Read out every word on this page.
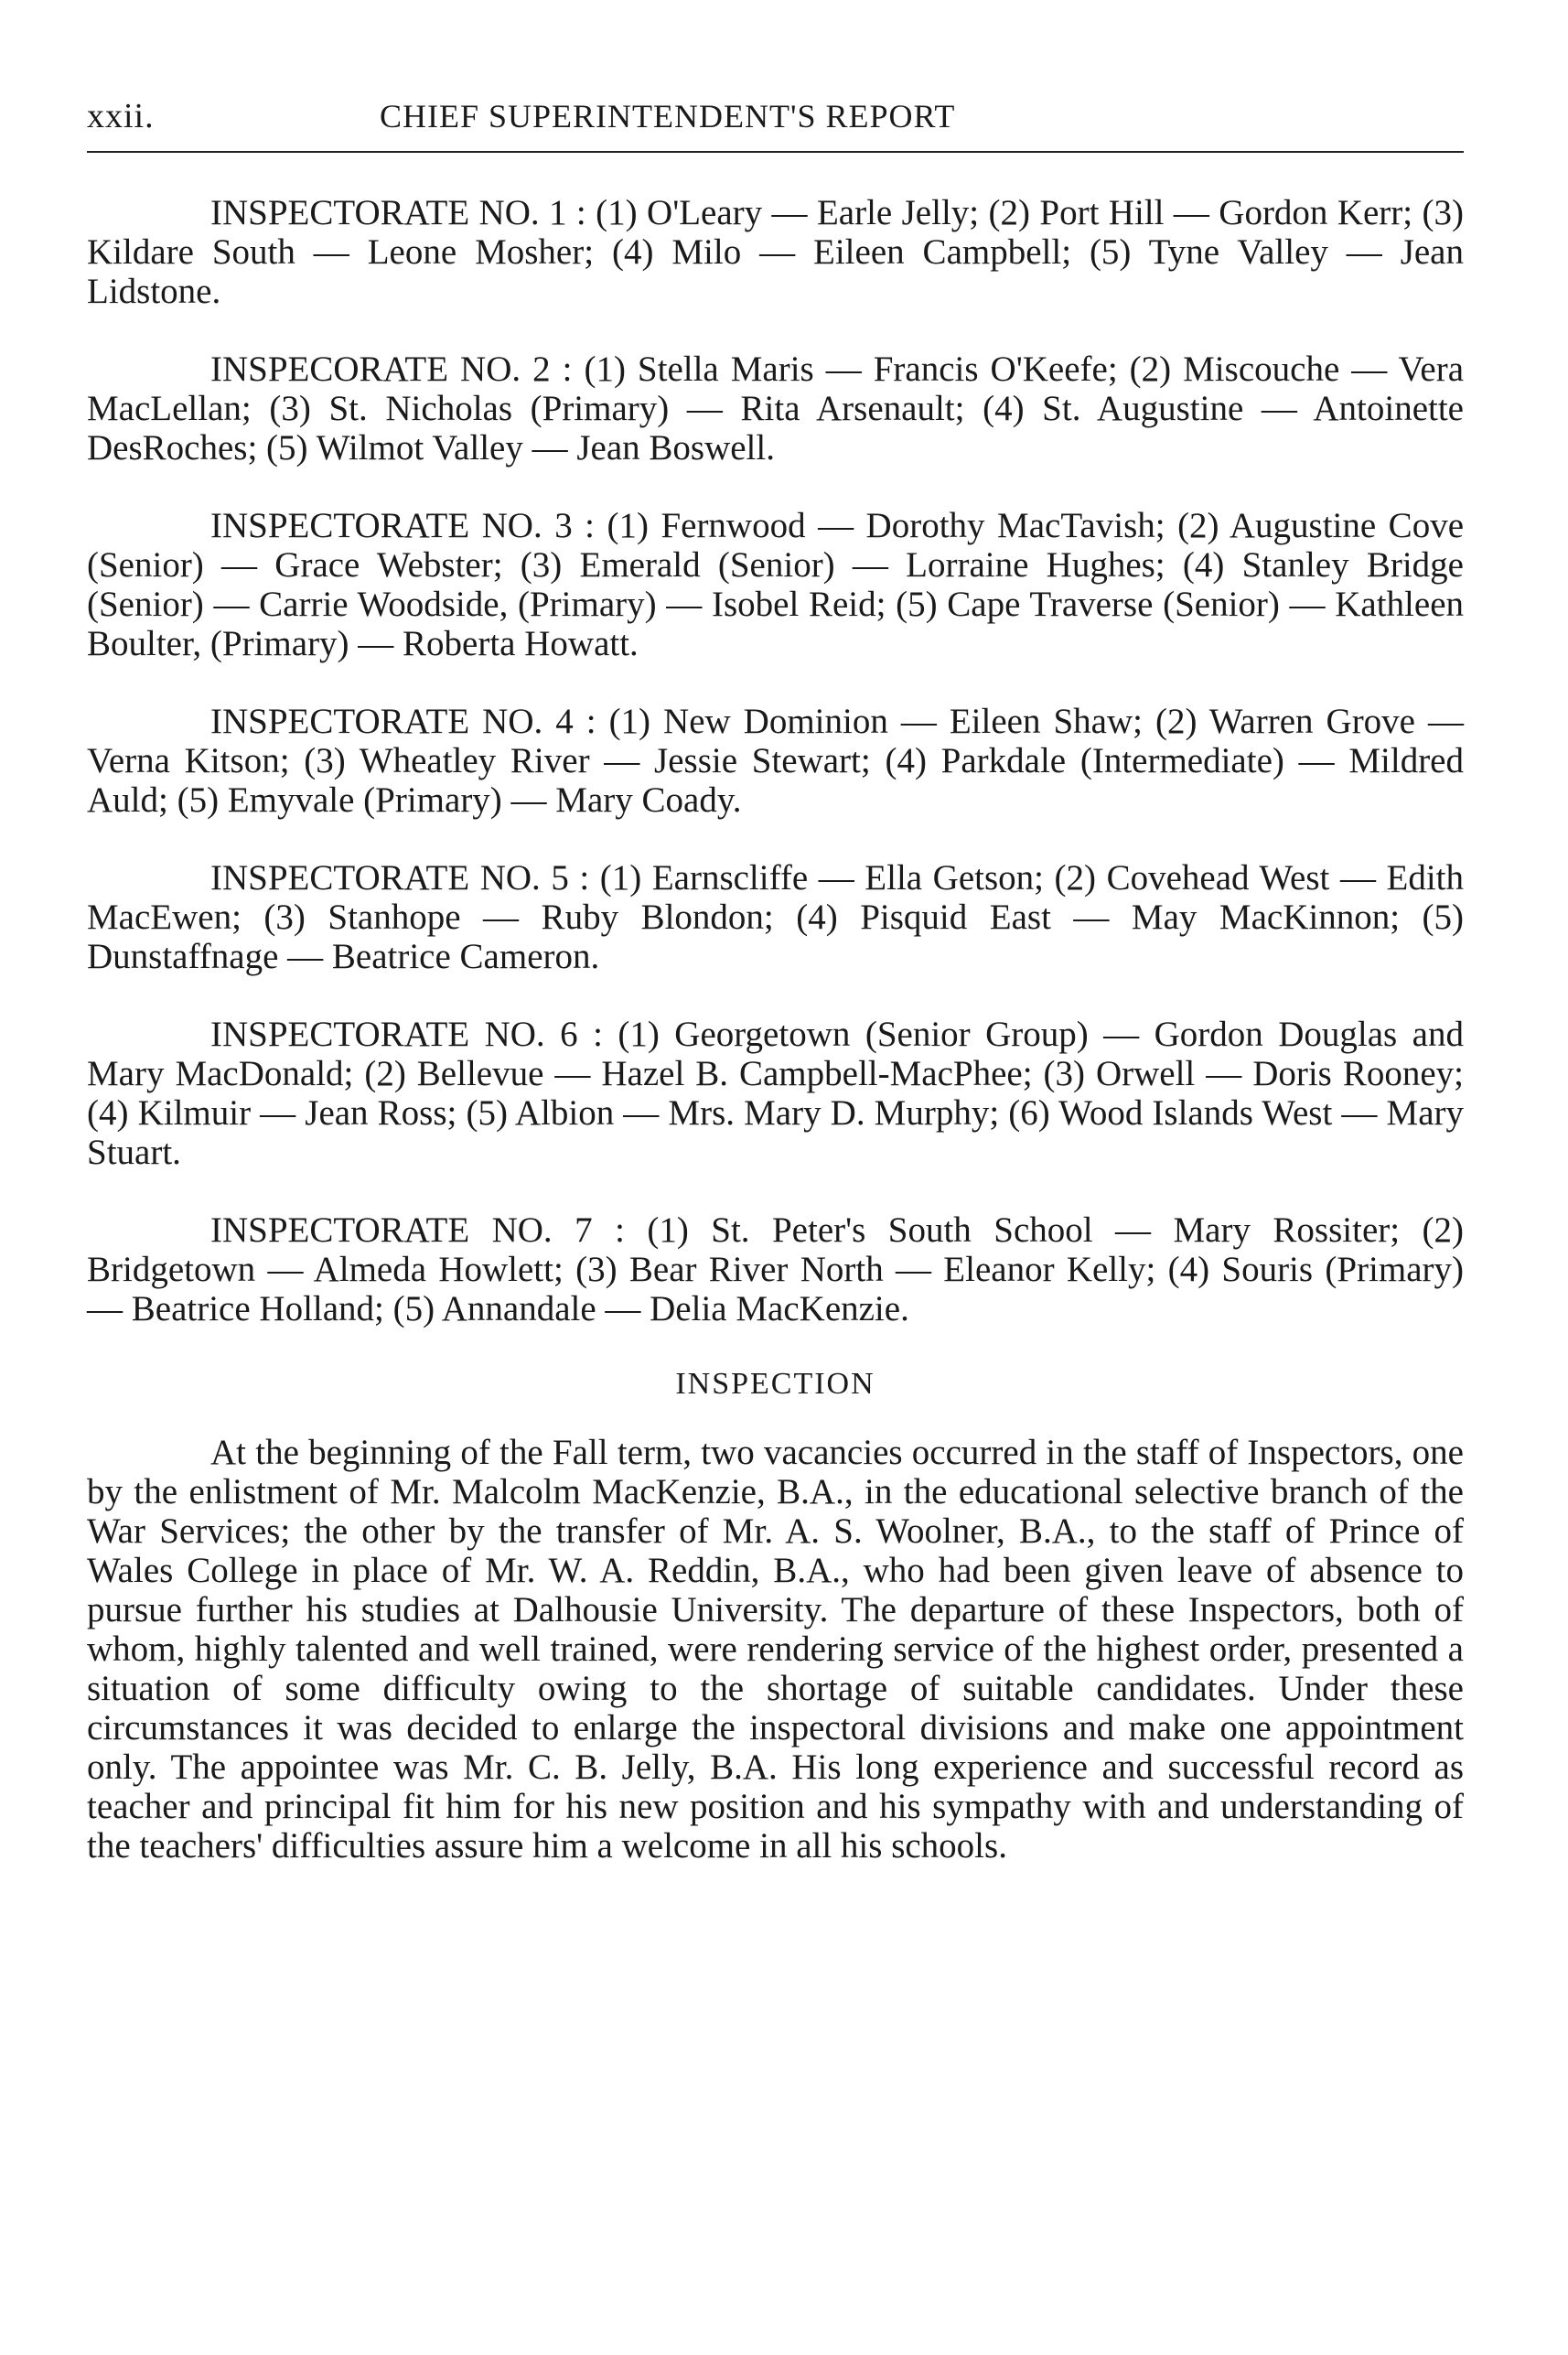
xxii.	CHIEF SUPERINTENDENT'S REPORT

INSPECTORATE NO. 1 : (1) O'Leary — Earle Jelly; (2) Port Hill — Gordon Kerr; (3) Kildare South — Leone Mosher; (4) Milo — Eileen Campbell; (5) Tyne Valley — Jean Lidstone.

INSPECORATE NO. 2 : (1) Stella Maris — Francis O'Keefe; (2) Miscouche — Vera MacLellan; (3) St. Nicholas (Primary) — Rita Arsenault; (4) St. Augustine — Antoinette DesRoches; (5) Wilmot Valley — Jean Boswell.

INSPECTORATE NO. 3 : (1) Fernwood — Dorothy MacTavish; (2) Augustine Cove (Senior) — Grace Webster; (3) Emerald (Senior) — Lorraine Hughes; (4) Stanley Bridge (Senior) — Carrie Woodside, (Primary) — Isobel Reid; (5) Cape Traverse (Senior) — Kathleen Boulter, (Primary) — Roberta Howatt.

INSPECTORATE NO. 4 : (1) New Dominion — Eileen Shaw; (2) Warren Grove — Verna Kitson; (3) Wheatley River — Jessie Stewart; (4) Parkdale (Intermediate) — Mildred Auld; (5) Emyvale (Primary) — Mary Coady.

INSPECTORATE NO. 5 : (1) Earnscliffe — Ella Getson; (2) Covehead West — Edith MacEwen; (3) Stanhope — Ruby Blondon; (4) Pisquid East — May MacKinnon; (5) Dunstaffnage — Beatrice Cameron.

INSPECTORATE NO. 6 : (1) Georgetown (Senior Group) — Gordon Douglas and Mary MacDonald; (2) Bellevue — Hazel B. Campbell-MacPhee; (3) Orwell — Doris Rooney; (4) Kilmuir — Jean Ross; (5) Albion — Mrs. Mary D. Murphy; (6) Wood Islands West — Mary Stuart.

INSPECTORATE NO. 7 : (1) St. Peter's South School — Mary Rossiter; (2) Bridgetown — Almeda Howlett; (3) Bear River North — Eleanor Kelly; (4) Souris (Primary) — Beatrice Holland; (5) Annandale — Delia MacKenzie.

INSPECTION

At the beginning of the Fall term, two vacancies occurred in the staff of Inspectors, one by the enlistment of Mr. Malcolm MacKenzie, B.A., in the educational selective branch of the War Services; the other by the transfer of Mr. A. S. Woolner, B.A., to the staff of Prince of Wales College in place of Mr. W. A. Reddin, B.A., who had been given leave of absence to pursue further his studies at Dalhousie University. The departure of these Inspectors, both of whom, highly talented and well trained, were rendering service of the highest order, presented a situation of some difficulty owing to the shortage of suitable candidates. Under these circumstances it was decided to enlarge the inspectoral divisions and make one appointment only. The appointee was Mr. C. B. Jelly, B.A. His long experience and successful record as teacher and principal fit him for his new position and his sympathy with and understanding of the teachers' difficulties assure him a welcome in all his schools.
